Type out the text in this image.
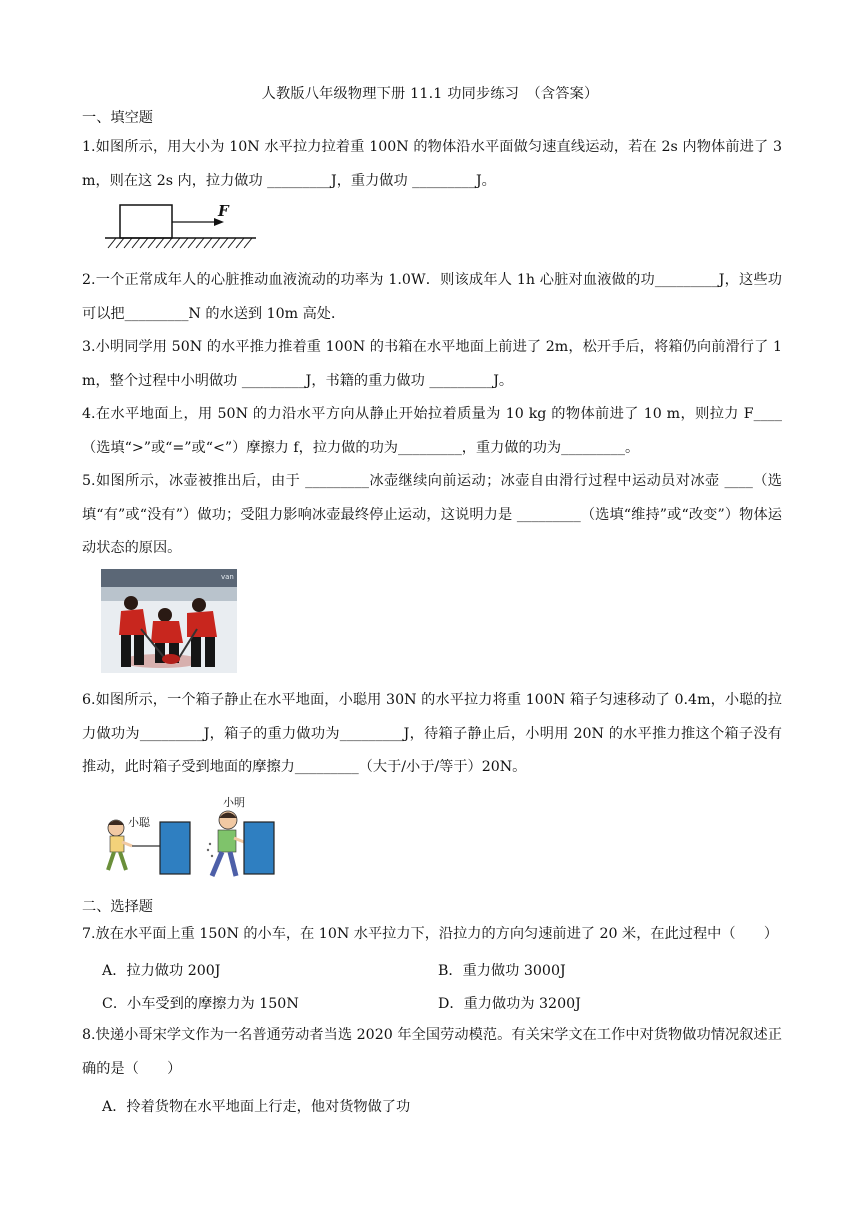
人教版八年级物理下册 11.1 功同步练习　（含答案）
一、填空题
1.如图所示，用大小为 10N 水平拉力拉着重 100N 的物体沿水平面做匀速直线运动，若在 2s 内物体前进了 3m，则在这 2s 内，拉力做功 _________J，重力做功 _________J。
F
2.一个正常成年人的心脏推动血液流动的功率为 1.0W．则该成年人 1h 心脏对血液做的功_________J，这些功可以把_________N 的水送到 10m 高处．
3.小明同学用 50N 的水平推力推着重 100N 的书箱在水平地面上前进了 2m，松开手后，将箱仍向前滑行了 1m，整个过程中小明做功 _________J，书籍的重力做功 _________J。
4.在水平地面上，用 50N 的力沿水平方向从静止开始拉着质量为 10 kg 的物体前进了 10 m，则拉力 F____（选填“>”或“=”或“<”）摩擦力 f，拉力做的功为_________，重力做的功为_________。
5.如图所示，冰壶被推出后，由于 _________冰壶继续向前运动；冰壶自由滑行过程中运动员对冰壶 ____（选填“有”或“没有”）做功；受阻力影响冰壶最终停止运动，这说明力是 _________（选填“维持”或“改变”）物体运动状态的原因。
van
6.如图所示，一个箱子静止在水平地面，小聪用 30N 的水平拉力将重 100N 箱子匀速移动了 0.4m，小聪的拉力做功为_________J，箱子的重力做功为_________J，待箱子静止后，小明用 20N 的水平推力推这个箱子没有推动，此时箱子受到地面的摩擦力_________（大于/小于/等于）20N。
小明
小聪
二、选择题
7.放在水平面上重 150N 的小车，在 10N 水平拉力下，沿拉力的方向匀速前进了 20 米，在此过程中（　　）
A．拉力做功 200J	B．重力做功 3000J
C．小车受到的摩擦力为 150N	D．重力做功为 3200J
8.快递小哥宋学文作为一名普通劳动者当选 2020 年全国劳动模范。有关宋学文在工作中对货物做功情况叙述正确的是（　　）
A．拎着货物在水平地面上行走，他对货物做了功
